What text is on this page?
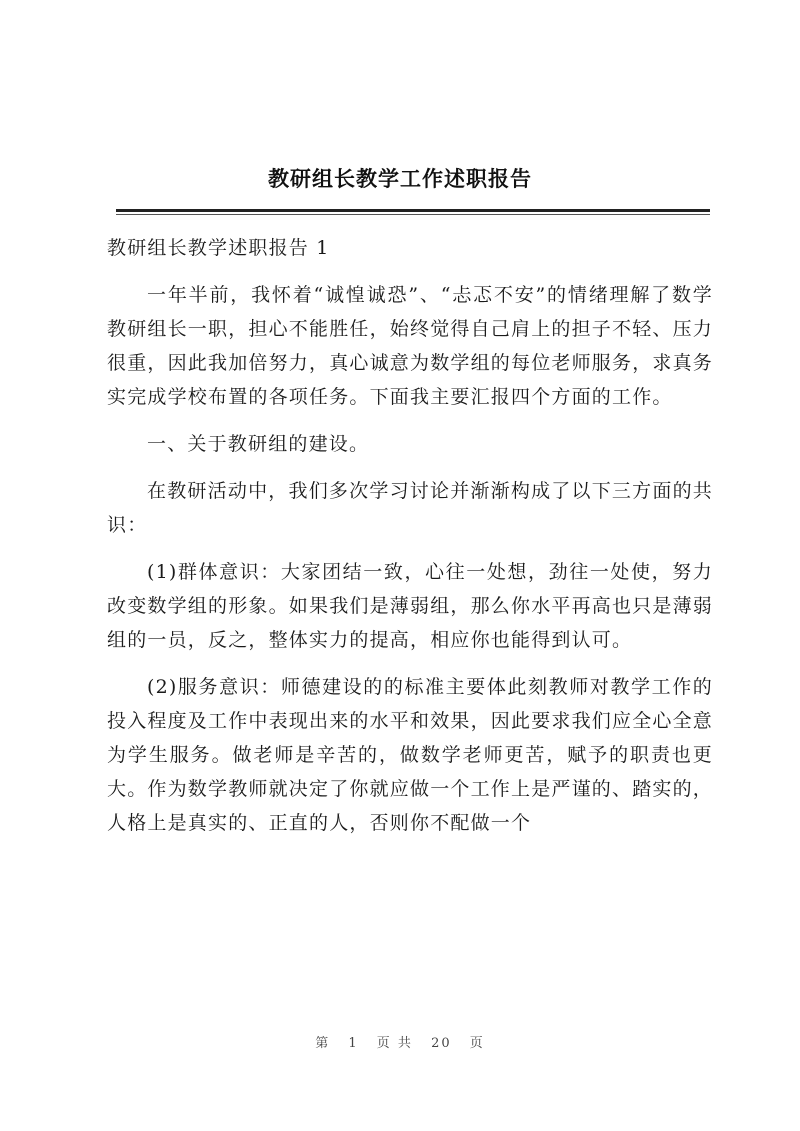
教研组长教学工作述职报告

教研组长教学述职报告 1

一年半前，我怀着“诚惶诚恐”、“忐忑不安”的情绪理解了数学教研组长一职，担心不能胜任，始终觉得自己肩上的担子不轻、压力很重，因此我加倍努力，真心诚意为数学组的每位老师服务，求真务实完成学校布置的各项任务。下面我主要汇报四个方面的工作。

一、关于教研组的建设。

在教研活动中，我们多次学习讨论并渐渐构成了以下三方面的共识：

(1)群体意识：大家团结一致，心往一处想，劲往一处使，努力改变数学组的形象。如果我们是薄弱组，那么你水平再高也只是薄弱组的一员，反之，整体实力的提高，相应你也能得到认可。

(2)服务意识：师德建设的的标准主要体此刻教师对教学工作的投入程度及工作中表现出来的水平和效果，因此要求我们应全心全意为学生服务。做老师是辛苦的，做数学老师更苦，赋予的职责也更大。作为数学教师就决定了你就应做一个工作上是严谨的、踏实的，人格上是真实的、正直的人，否则你不配做一个

第 1 页 共 20 页
